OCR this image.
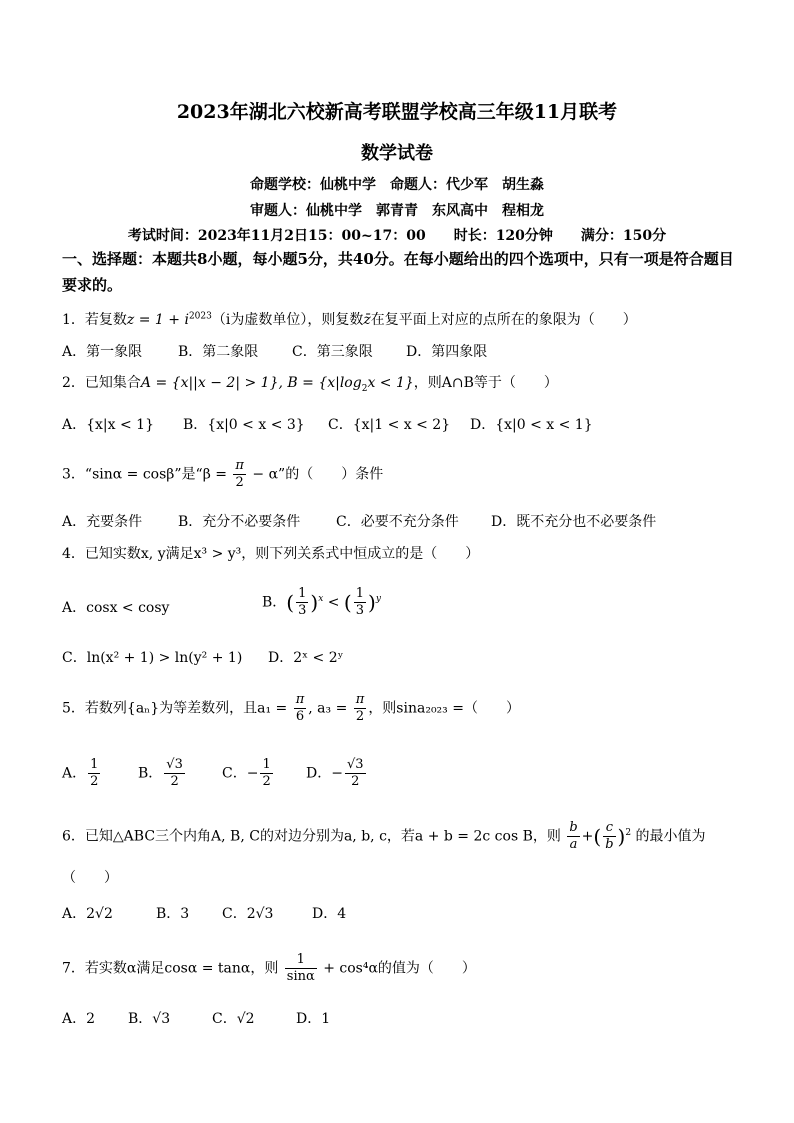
2023年湖北六校新高考联盟学校高三年级11月联考
数学试卷
命题学校：仙桃中学　命题人：代少军　胡生淼
审题人：仙桃中学　郭青青　东风高中　程相龙
考试时间：2023年11月2日15：00~17：00　　时长：120分钟　　满分：150分
一、选择题：本题共8小题，每小题5分，共40分。在每小题给出的四个选项中，只有一项是符合题目要求的。
1．若复数$z = 1 + i^{2023}(i$为虚数单位），则复数z̄在复平面上对应的点所在的象限为（　　）
A．第一象限	B．第二象限 C．第三象限 D．第四象限
2．已知集合A = {x||x − 2| > 1}, $B = \{x|\log_2x < 1\}$，则A∩B等于（　　）
A．{x|x < 1} B．{x|0 < x < 3} C．{x|1 < x < 2} D．{x|0 < x < 1}
3．“sinα = cosβ”是“$\beta = \frac{\pi}{2} - \alpha$”的（　　）条件
A．充要条件	B．充分不必要条件	C．必要不充分条件 D．既不充分也不必要条件
4．已知实数x, y满足x³ > y³，则下列关系式中恒成立的是（　　）
A．cosx < cosy	B．( $\frac{1}{3} )^x$ < ( $\frac{1}{3} )^y$
C．ln(x² + 1) > ln(y² + 1) D．2ˣ < 2ʸ
5．若数列{aₙ}为等差数列，且$a_1 = \frac{\pi}{6}$ , $a_3 = \frac{\pi}{2}$ ，则sina₂₀₂₃ =（　　）
A． $\frac{1}{2}$	B． $\frac{√3}{2}$	C．− $\frac{1}{2}$ D．− $\frac{√3}{2}$
6．已知△ABC三个内角A, B, C的对边分别为a, b, c，若a + b = 2c cos B，则 $\frac{b}{a}$ +( $\frac{c}{b} )^2$ 的最小值为
（　　）
A．2√2	B．3 C．2√3	D．4
7．若实数α满足cosα = tanα，则 $\frac{1}{\sin\alpha} + \cos^4\alpha$的值为（　　）
A．2 B．√3	C．√2	D．1
